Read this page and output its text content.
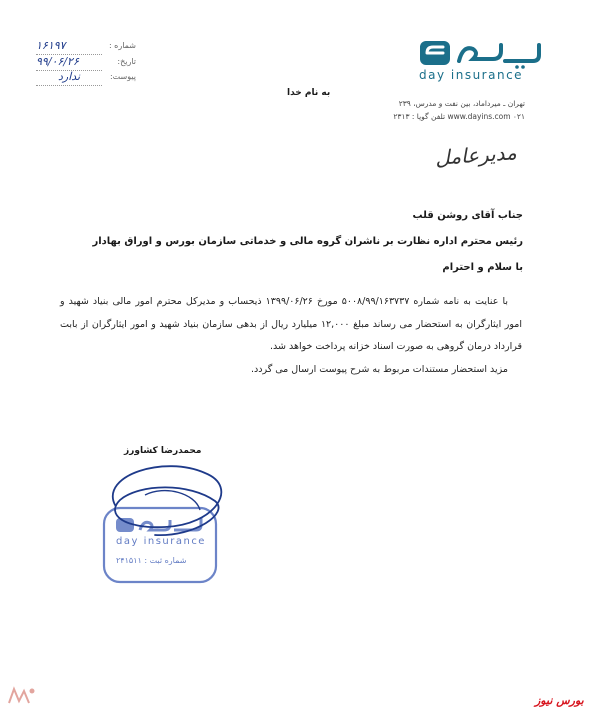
شماره :
۱۶۱۹۷
تاریخ:
۹۹/۰۶/۲۶
پیوست:
ندارد	day insurance
به نام خدا
تهران ـ میرداماد، بین نفت و مدرس، ۲۳۹
www.dayins.com ۰۲۱ تلفن گویا : ۲۳۱۳
مدیرعامل
جناب آقای روشن قلب
رئیس محترم اداره نظارت بر ناشران گروه مالی و خدماتی سازمان بورس و اوراق بهادار
با سلام و احترام

با عنایت به نامه شماره ۵۰۰۸/۹۹/۱۶۳۷۳۷ مورخ ۱۳۹۹/۰۶/۲۶ ذیحساب و مدیرکل محترم امور مالی بنیاد شهید و امور ایثارگران به استحضار می رساند مبلغ ۱۲,۰۰۰ میلیارد ریال از بدهی سازمان بنیاد شهید و امور ایثارگران از بابت قرارداد درمان گروهی به صورت اسناد خزانه پرداخت خواهد شد.

مزید استحضار مستندات مربوط به شرح پیوست ارسال می گردد.

محمدرضا کشاورز
day insurance
شماره ثبت : ۲۴۱۵۱۱
بورس نیوز
